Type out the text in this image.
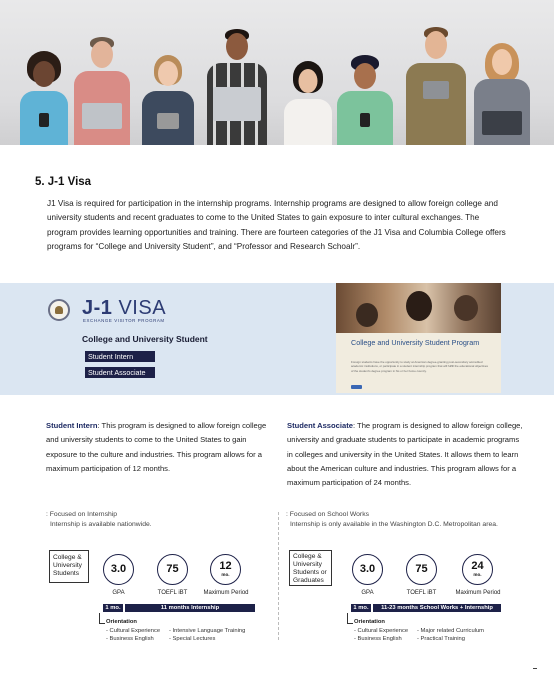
5. J-1 Visa
J1 Visa is required for participation in the internship programs. Internship programs are designed to allow foreign college and university students and recent graduates to come to the United States to gain exposure to inter cultural exchanges. The program provides learning opportunities and training. There are fourteen categories of the J1 Visa and Columbia College offers programs for “College and University Student”, and “Professor and Research Schoalr”.
J-1 VISA
EXCHANGE VISITOR PROGRAM
College and University Student
Student Intern
Student Associate
College and University Student Program
Foreign students have the opportunity to study at American degree-granting post-secondary accredited academic institutions, or participate in a student internship program that will fulfill the educational objectives of the student's degree program in his or her home country.
Student Intern: This program is designed to allow foreign college and university students to come to the United States to gain exposure to the culture and industries. This program allows for a maximum participation of 12 months.
Student Associate: The program is designed to allow foreign college, university and graduate students to participate in academic programs in colleges and university in the United States. It allows them to learn about the American culture and industries. This program allows for a maximum participation of 24 months.
: Focused on Internship
Internship is available nationwide.
College & University Students	3.0
GPA
75
TOEFL iBT
12
mo.
Maximum Period
1 mo.	11 months Internship
Orientation
- Cultural Experience
- Business English
- Intensive Language Training
- Special Lectures
: Focused on School Works
Internship is only available in the Washington D.C. Metropolitan area.
College & University Students or Graduates
3.0
GPA
75
TOEFL iBT
24
mo.
Maximum Period
1 mo.	11-23 months School Works + Internship
Orientation
- Cultural Experience
- Business English
- Major related Curriculum
- Practical Training
